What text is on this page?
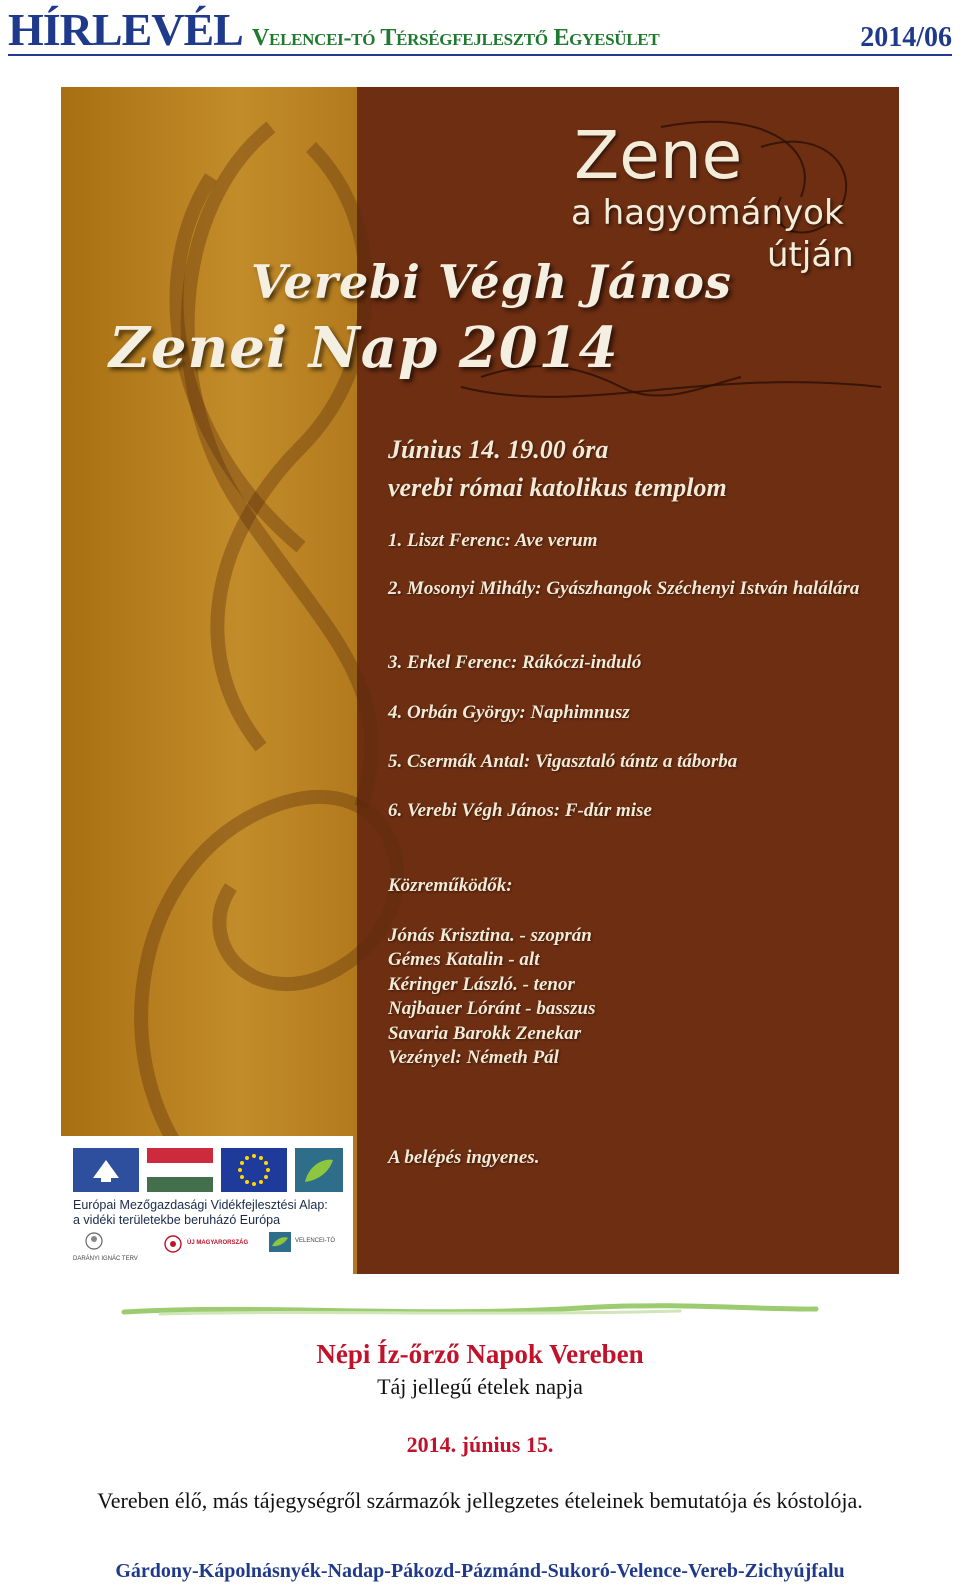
HÍRLEVÉL Velencei-tó Térségfejlesztő Egyesület	2014/06
Zene
a hagyományok
útján
Verebi Végh János
Zenei Nap 2014
Június 14. 19.00 óra
verebi római katolikus templom
1. Liszt Ferenc: Ave verum
2. Mosonyi Mihály: Gyászhangok Széchenyi István halálára
3. Erkel Ferenc: Rákóczi-induló
4. Orbán György: Naphimnusz
5. Csermák Antal: Vigasztaló tántz a táborba
6. Verebi Végh János: F-dúr mise
Közreműködők:
Jónás Krisztina. - szoprán
Gémes Katalin - alt
Kéringer László. - tenor
Najbauer Lóránt - basszus
Savaria Barokk Zenekar
Vezényel: Németh Pál
A belépés ingyenes.
Európai Mezőgazdasági Vidékfejlesztési Alap:
a vidéki területekbe beruházó Európa
DARÁNYI IGNÁC TERV
ÚJ MAGYARORSZÁG	VELENCEI-TÓ
Népi Íz-őrző Napok Vereben
Táj jellegű ételek napja
2014. június 15.
Vereben élő, más tájegységről származók jellegzetes ételeinek bemutatója és kóstolója.
Gárdony-Kápolnásnyék-Nadap-Pákozd-Pázmánd-Sukoró-Velence-Vereb-Zichyújfalu
